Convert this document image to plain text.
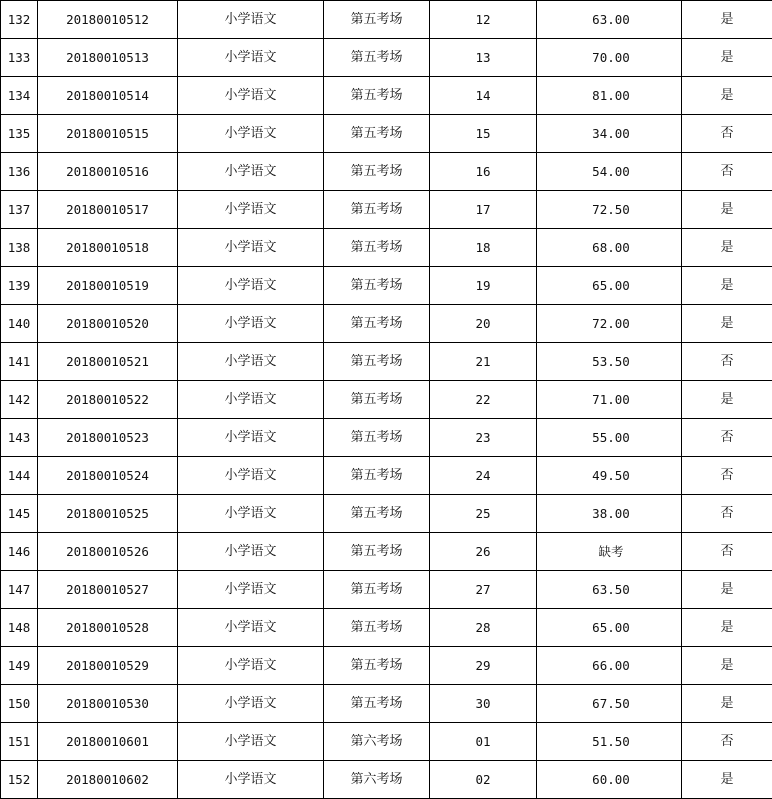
132	20180010512	小学语文	第五考场	12	63.00	是
133	20180010513	小学语文	第五考场	13	70.00	是
134	20180010514	小学语文	第五考场	14	81.00	是
135	20180010515	小学语文	第五考场	15	34.00	否
136	20180010516	小学语文	第五考场	16	54.00	否
137	20180010517	小学语文	第五考场	17	72.50	是
138	20180010518	小学语文	第五考场	18	68.00	是
139	20180010519	小学语文	第五考场	19	65.00	是
140	20180010520	小学语文	第五考场	20	72.00	是
141	20180010521	小学语文	第五考场	21	53.50	否
142	20180010522	小学语文	第五考场	22	71.00	是
143	20180010523	小学语文	第五考场	23	55.00	否
144	20180010524	小学语文	第五考场	24	49.50	否
145	20180010525	小学语文	第五考场	25	38.00	否
146	20180010526	小学语文	第五考场	26	缺考	否
147	20180010527	小学语文	第五考场	27	63.50	是
148	20180010528	小学语文	第五考场	28	65.00	是
149	20180010529	小学语文	第五考场	29	66.00	是
150	20180010530	小学语文	第五考场	30	67.50	是
151	20180010601	小学语文	第六考场	01	51.50	否
152	20180010602	小学语文	第六考场	02	60.00	是
